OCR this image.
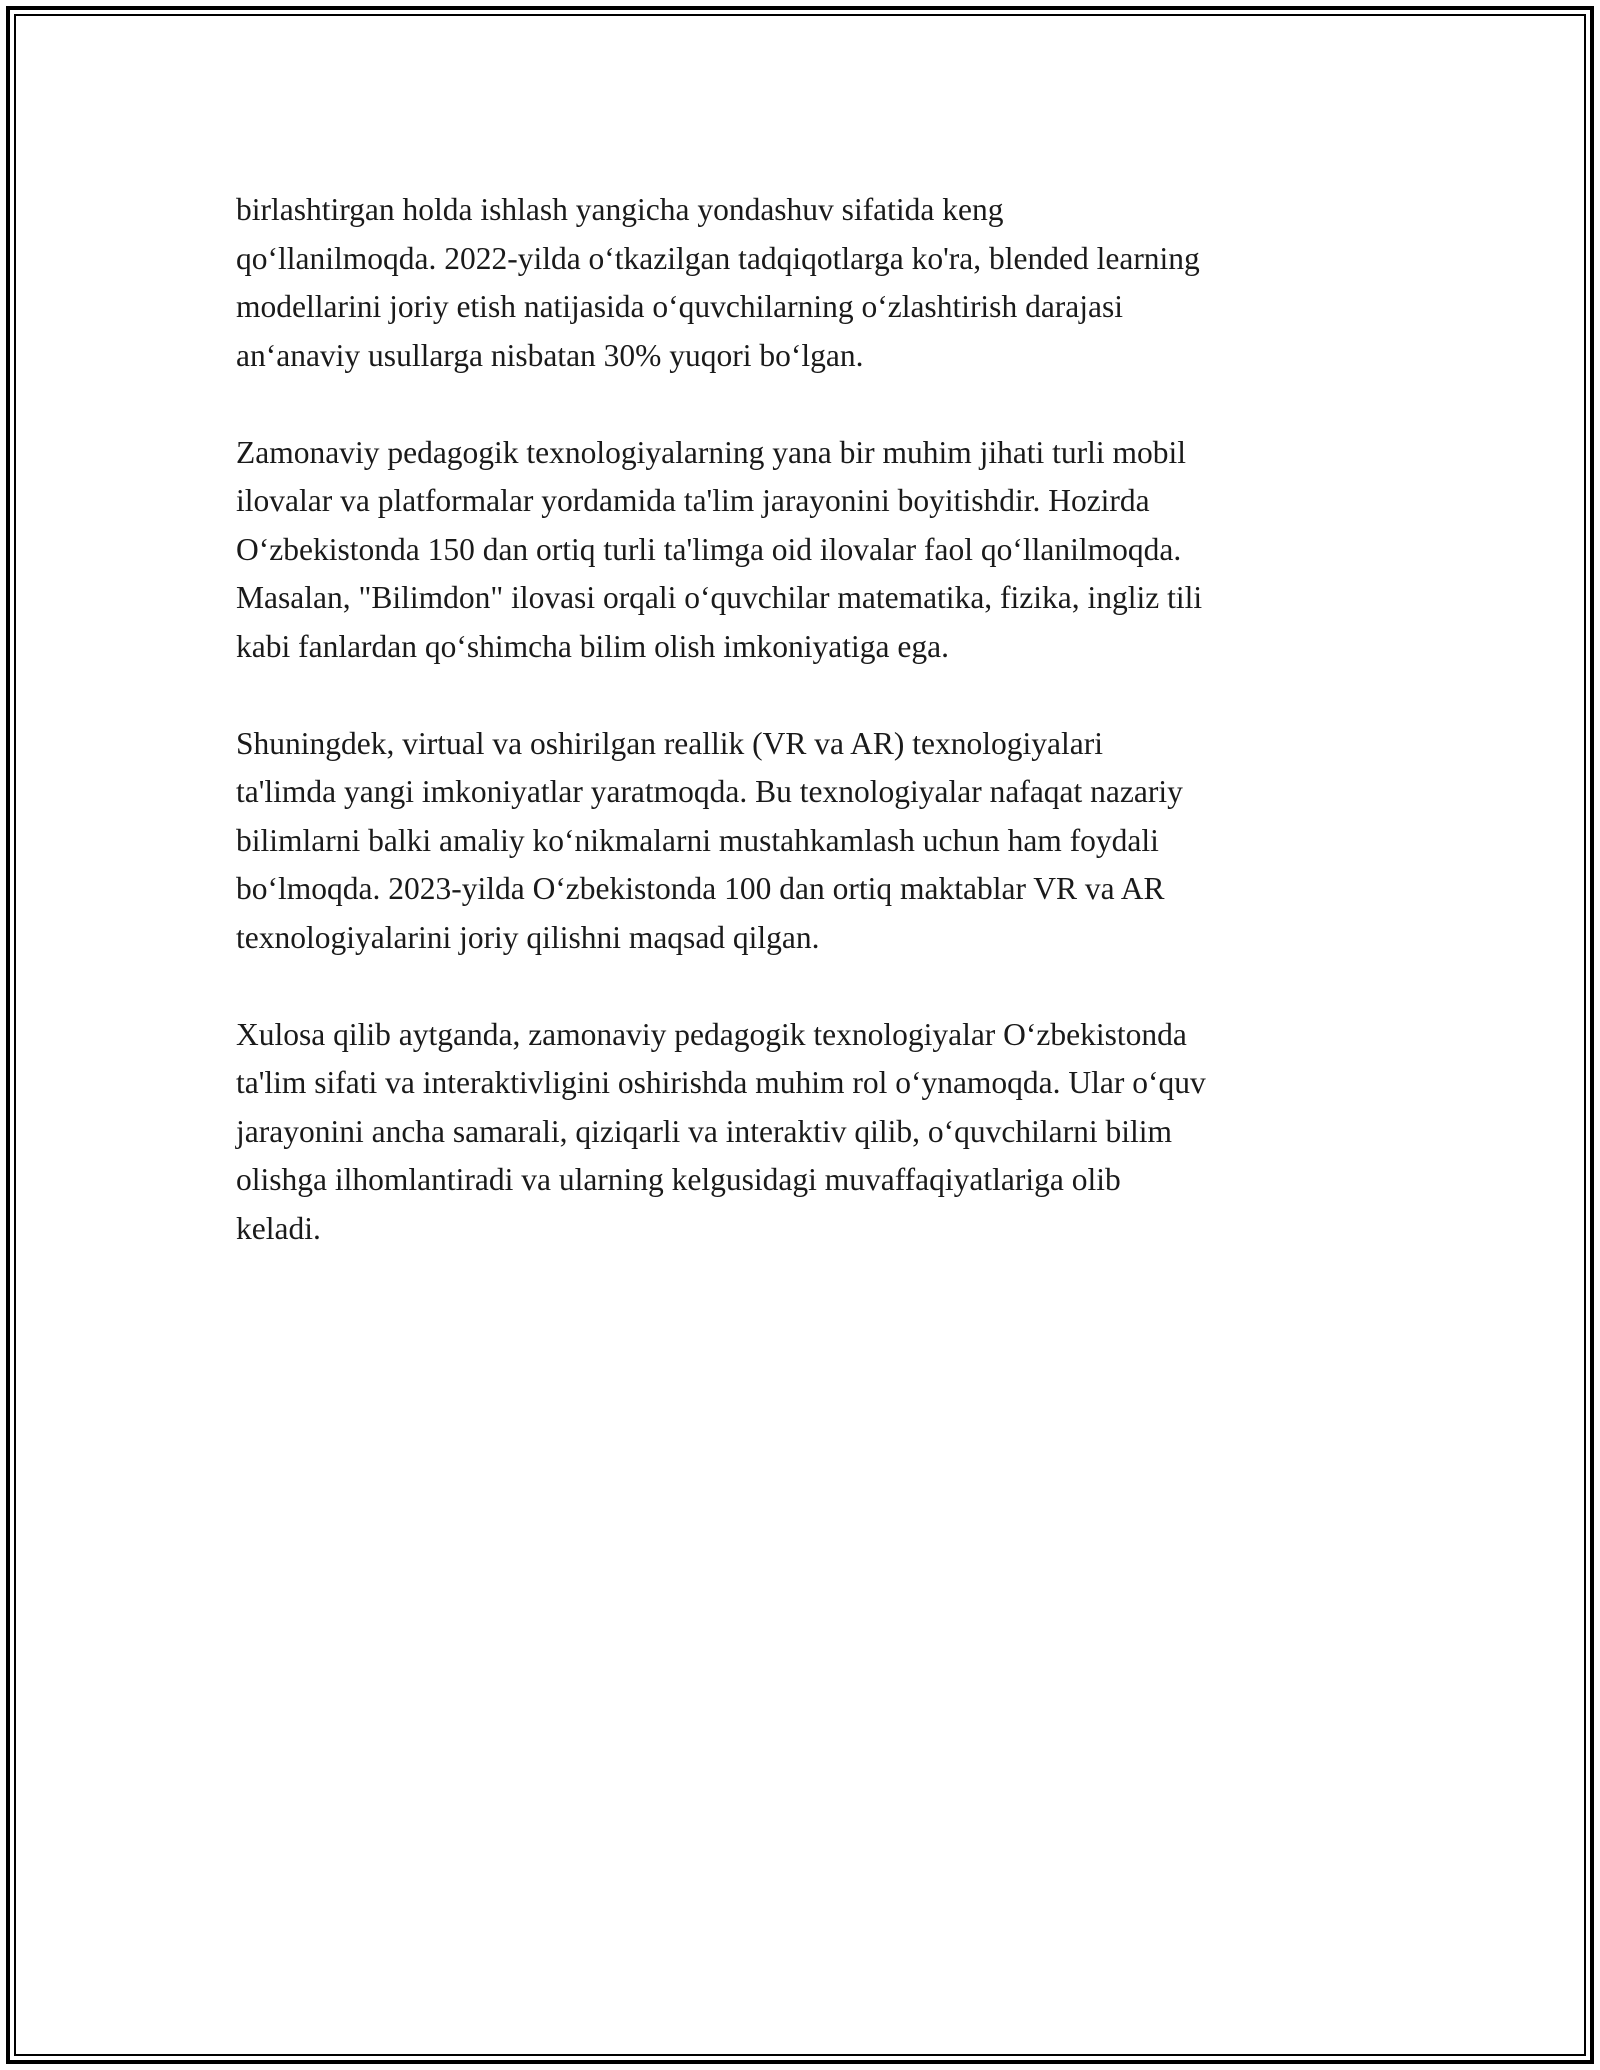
birlashtirgan holda ishlash yangicha yondashuv sifatida keng
qo‘llanilmoqda. 2022-yilda o‘tkazilgan tadqiqotlarga ko'ra, blended learning
modellarini joriy etish natijasida o‘quvchilarning o‘zlashtirish darajasi
an‘anaviy usullarga nisbatan 30% yuqori bo‘lgan.

Zamonaviy pedagogik texnologiyalarning yana bir muhim jihati turli mobil
ilovalar va platformalar yordamida ta'lim jarayonini boyitishdir. Hozirda
O‘zbekistonda 150 dan ortiq turli ta'limga oid ilovalar faol qo‘llanilmoqda.
Masalan, "Bilimdon" ilovasi orqali o‘quvchilar matematika, fizika, ingliz tili
kabi fanlardan qo‘shimcha bilim olish imkoniyatiga ega.

Shuningdek, virtual va oshirilgan reallik (VR va AR) texnologiyalari
ta'limda yangi imkoniyatlar yaratmoqda. Bu texnologiyalar nafaqat nazariy
bilimlarni balki amaliy ko‘nikmalarni mustahkamlash uchun ham foydali
bo‘lmoqda. 2023-yilda O‘zbekistonda 100 dan ortiq maktablar VR va AR
texnologiyalarini joriy qilishni maqsad qilgan.

Xulosa qilib aytganda, zamonaviy pedagogik texnologiyalar O‘zbekistonda
ta'lim sifati va interaktivligini oshirishda muhim rol o‘ynamoqda. Ular o‘quv
jarayonini ancha samarali, qiziqarli va interaktiv qilib, o‘quvchilarni bilim
olishga ilhomlantiradi va ularning kelgusidagi muvaffaqiyatlariga olib
keladi.
